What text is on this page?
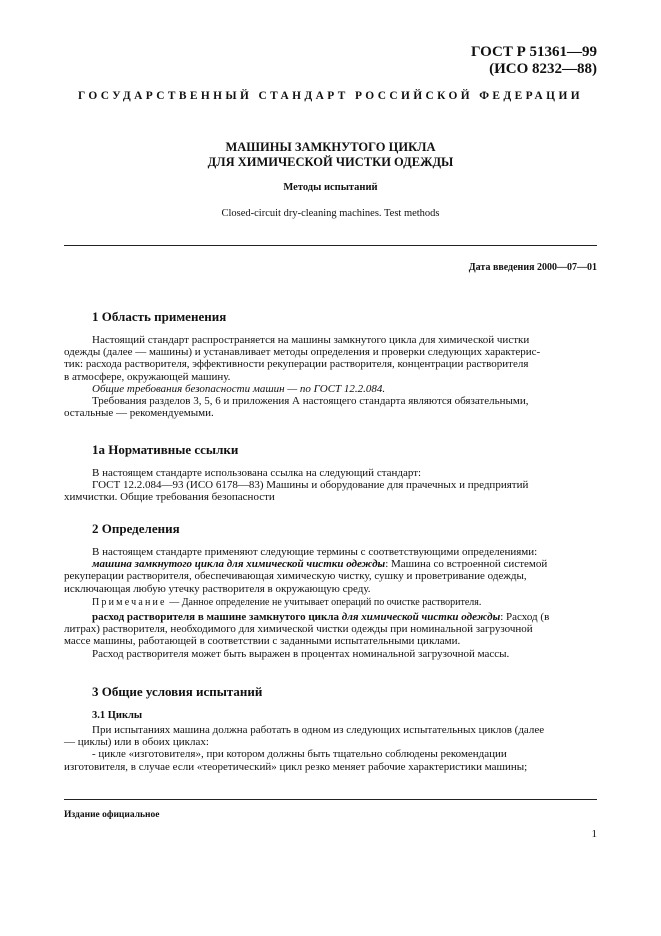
ГОСТ Р 51361—99
(ИСО 8232—88)
ГОСУДАРСТВЕННЫЙ СТАНДАРТ РОССИЙСКОЙ ФЕДЕРАЦИИ
МАШИНЫ ЗАМКНУТОГО ЦИКЛА
ДЛЯ ХИМИЧЕСКОЙ ЧИСТКИ ОДЕЖДЫ
Методы испытаний
Closed-circuit dry-cleaning machines. Test methods
Дата введения 2000—07—01
1 Область применения
Настоящий стандарт распространяется на машины замкнутого цикла для химической чистки
одежды (далее — машины) и устанавливает методы определения и проверки следующих характерис-
тик: расхода растворителя, эффективности рекуперации растворителя, концентрации растворителя
в атмосфере, окружающей машину.
Общие требования безопасности машин — по ГОСТ 12.2.084.
Требования разделов 3, 5, 6 и приложения А настоящего стандарта являются обязательными,
остальные — рекомендуемыми.
1а Нормативные ссылки
В настоящем стандарте использована ссылка на следующий стандарт:
ГОСТ 12.2.084—93 (ИСО 6178—83) Машины и оборудование для прачечных и предприятий
химчистки. Общие требования безопасности
2 Определения
В настоящем стандарте применяют следующие термины с соответствующими определениями:
машина замкнутого цикла для химической чистки одежды: Машина со встроенной системой
рекуперации растворителя, обеспечивающая химическую чистку, сушку и проветривание одежды,
исключающая любую утечку растворителя в окружающую среду.
Примечание — Данное определение не учитывает операций по очистке растворителя.
расход растворителя в машине замкнутого цикла для химической чистки одежды: Расход (в
литрах) растворителя, необходимого для химической чистки одежды при номинальной загрузочной
массе машины, работающей в соответствии с заданными испытательными циклами.
Расход растворителя может быть выражен в процентах номинальной загрузочной массы.
3 Общие условия испытаний
3.1 Циклы
При испытаниях машина должна работать в одном из следующих испытательных циклов (далее
— циклы) или в обоих циклах:
- цикле «изготовителя», при котором должны быть тщательно соблюдены рекомендации
изготовителя, в случае если «теоретический» цикл резко меняет рабочие характеристики машины;
Издание официальное
1
